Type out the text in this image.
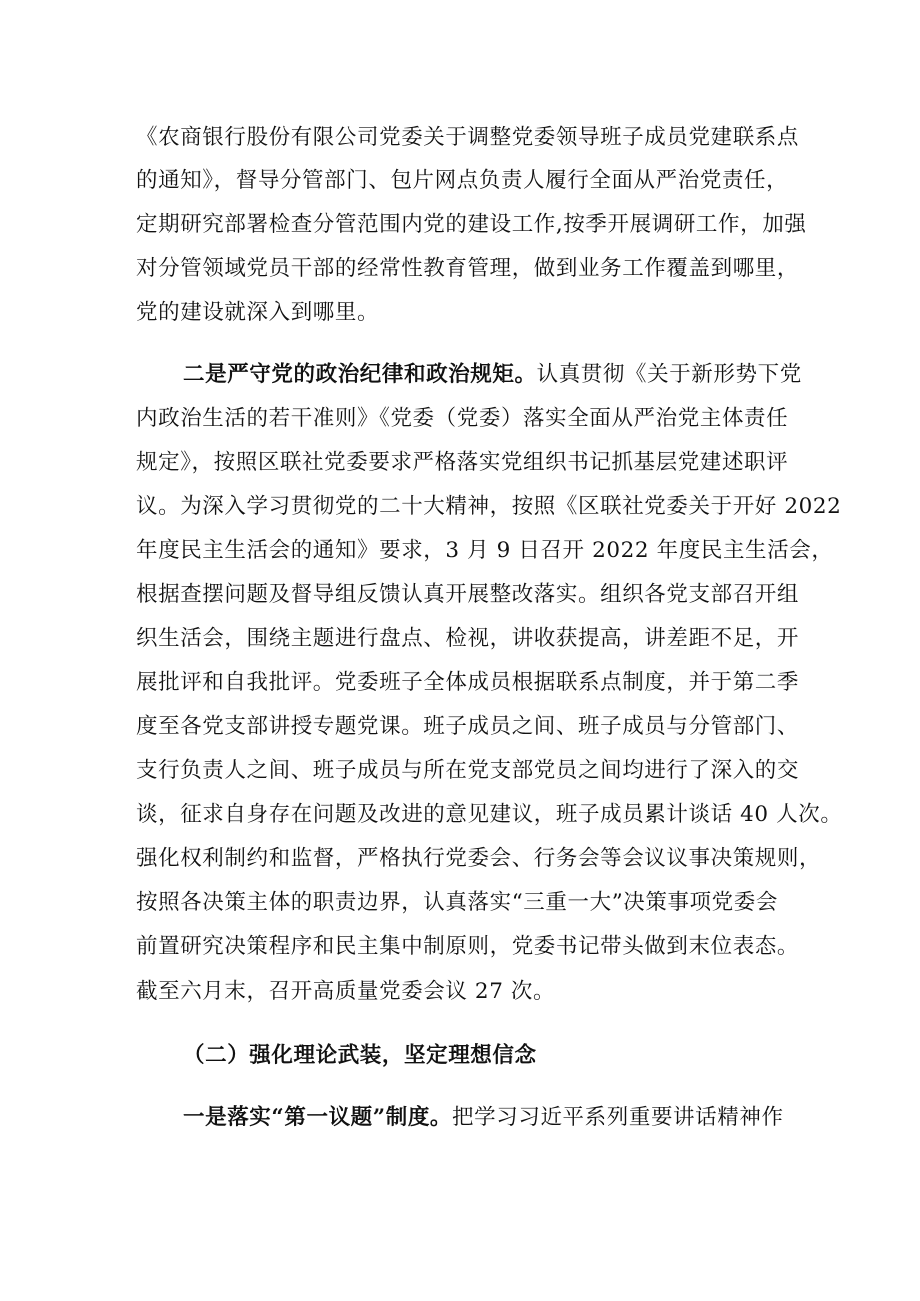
《农商银行股份有限公司党委关于调整党委领导班子成员党建联系点
的通知》，督导分管部门、包片网点负责人履行全面从严治党责任，
定期研究部署检查分管范围内党的建设工作,按季开展调研工作，加强
对分管领域党员干部的经常性教育管理，做到业务工作覆盖到哪里，
党的建设就深入到哪里。
二是严守党的政治纪律和政治规矩。认真贯彻《关于新形势下党
内政治生活的若干准则》《党委（党委）落实全面从严治党主体责任
规定》，按照区联社党委要求严格落实党组织书记抓基层党建述职评
议。为深入学习贯彻党的二十大精神，按照《区联社党委关于开好 2022
年度民主生活会的通知》要求，3 月 9 日召开 2022 年度民主生活会，
根据查摆问题及督导组反馈认真开展整改落实。组织各党支部召开组
织生活会，围绕主题进行盘点、检视，讲收获提高，讲差距不足，开
展批评和自我批评。党委班子全体成员根据联系点制度，并于第二季
度至各党支部讲授专题党课。班子成员之间、班子成员与分管部门、
支行负责人之间、班子成员与所在党支部党员之间均进行了深入的交
谈，征求自身存在问题及改进的意见建议，班子成员累计谈话 40 人次。
强化权利制约和监督，严格执行党委会、行务会等会议议事决策规则，
按照各决策主体的职责边界，认真落实“三重一大”决策事项党委会
前置研究决策程序和民主集中制原则，党委书记带头做到末位表态。
截至六月末，召开高质量党委会议 27 次。
（二）强化理论武装，坚定理想信念
一是落实“第一议题”制度。把学习习近平系列重要讲话精神作
